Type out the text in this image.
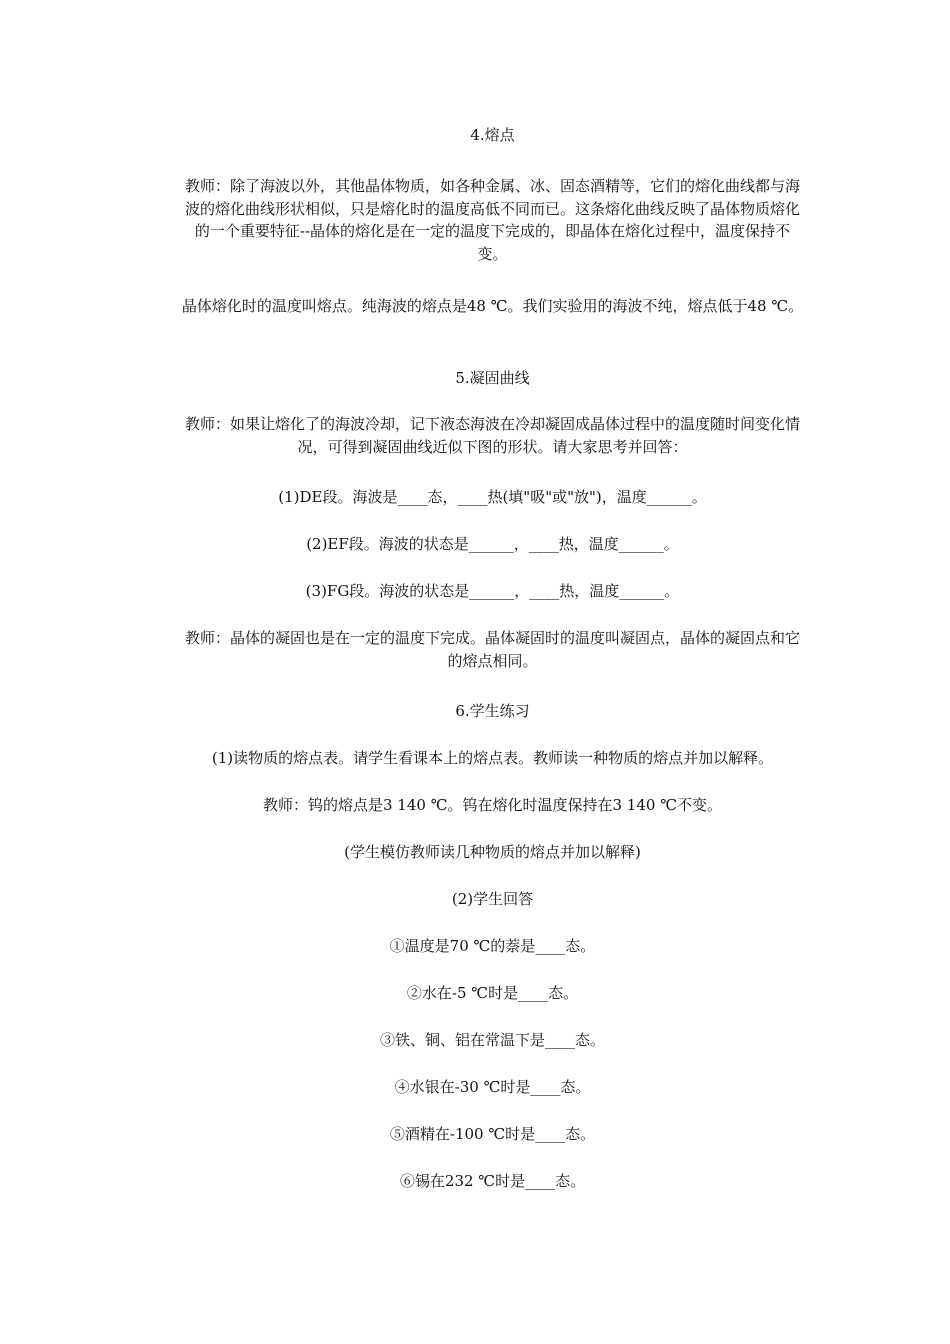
4.熔点

教师：除了海波以外，其他晶体物质，如各种金属、冰、固态酒精等，它们的熔化曲线都与海波的熔化曲线形状相似，只是熔化时的温度高低不同而已。这条熔化曲线反映了晶体物质熔化的一个重要特征--晶体的熔化是在一定的温度下完成的，即晶体在熔化过程中，温度保持不变。

晶体熔化时的温度叫熔点。纯海波的熔点是48 ℃。我们实验用的海波不纯，熔点低于48 ℃。

5.凝固曲线

教师：如果让熔化了的海波冷却，记下液态海波在冷却凝固成晶体过程中的温度随时间变化情况，可得到凝固曲线近似下图的形状。请大家思考并回答：

(1)DE段。海波是____态，____热(填"吸"或"放")，温度______。

(2)EF段。海波的状态是______，____热，温度______。

(3)FG段。海波的状态是______，____热，温度______。

教师：晶体的凝固也是在一定的温度下完成。晶体凝固时的温度叫凝固点，晶体的凝固点和它的熔点相同。

6.学生练习

(1)读物质的熔点表。请学生看课本上的熔点表。教师读一种物质的熔点并加以解释。

教师：钨的熔点是3 140 ℃。钨在熔化时温度保持在3 140 ℃不变。

(学生模仿教师读几种物质的熔点并加以解释)

(2)学生回答

①温度是70 ℃的萘是____态。

②水在-5 ℃时是____态。

③铁、铜、铝在常温下是____态。

④水银在-30 ℃时是____态。

⑤酒精在-100 ℃时是____态。

⑥锡在232 ℃时是____态。
